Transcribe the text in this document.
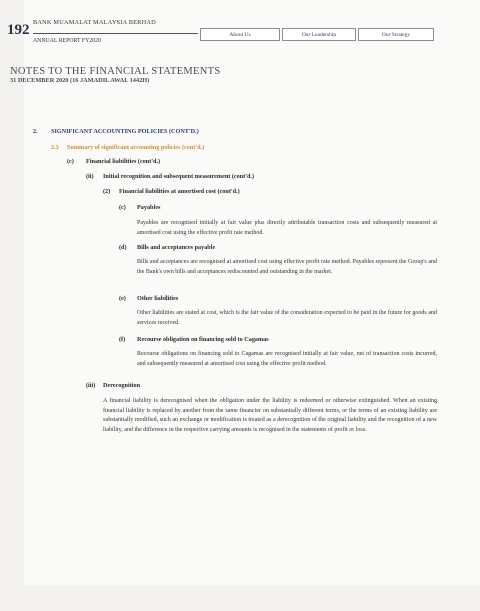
192 BANK MUAMALAT MALAYSIA BERHAD
ANNUAL REPORT FY2020
About Us	Our Leadership	Our Strategy
NOTES TO THE FINANCIAL STATEMENTS
31 DECEMBER 2020 (16 JAMADIL AWAL 1442H)
2. SIGNIFICANT ACCOUNTING POLICIES (CONT'D.)
2.3 Summary of significant accounting policies (cont'd.)
(c) Financial liabilities (cont'd.)
(ii) Initial recognition and subsequent measurement (cont'd.)
(2) Financial liabilities at amortised cost (cont'd.)
(c) Payables
Payables are recognised initially at fair value plus directly attributable transaction costs and subsequently measured at amortised cost using the effective profit rate method.
(d) Bills and acceptances payable
Bills and acceptances are recognised at amortised cost using effective profit rate method. Payables represent the Group's and the Bank's own bills and acceptances rediscounted and outstanding in the market.
(e) Other liabilities
Other liabilities are stated at cost, which is the fair value of the consideration expected to be paid in the future for goods and services received.
(f) Recourse obligation on financing sold to Cagamas
Recourse obligations on financing sold to Cagamas are recognised initially at fair value, net of transaction costs incurred, and subsequently measured at amortised cost using the effective profit method.
(iii) Derecognition
A financial liability is derecognised when the obligation under the liability is redeemed or otherwise extinguished. When an existing financial liability is replaced by another from the same financier on substantially different terms, or the terms of an existing liability are substantially modified, such an exchange or modification is treated as a derecognition of the original liability and the recognition of a new liability, and the difference in the respective carrying amounts is recognised in the statements of profit or loss.
